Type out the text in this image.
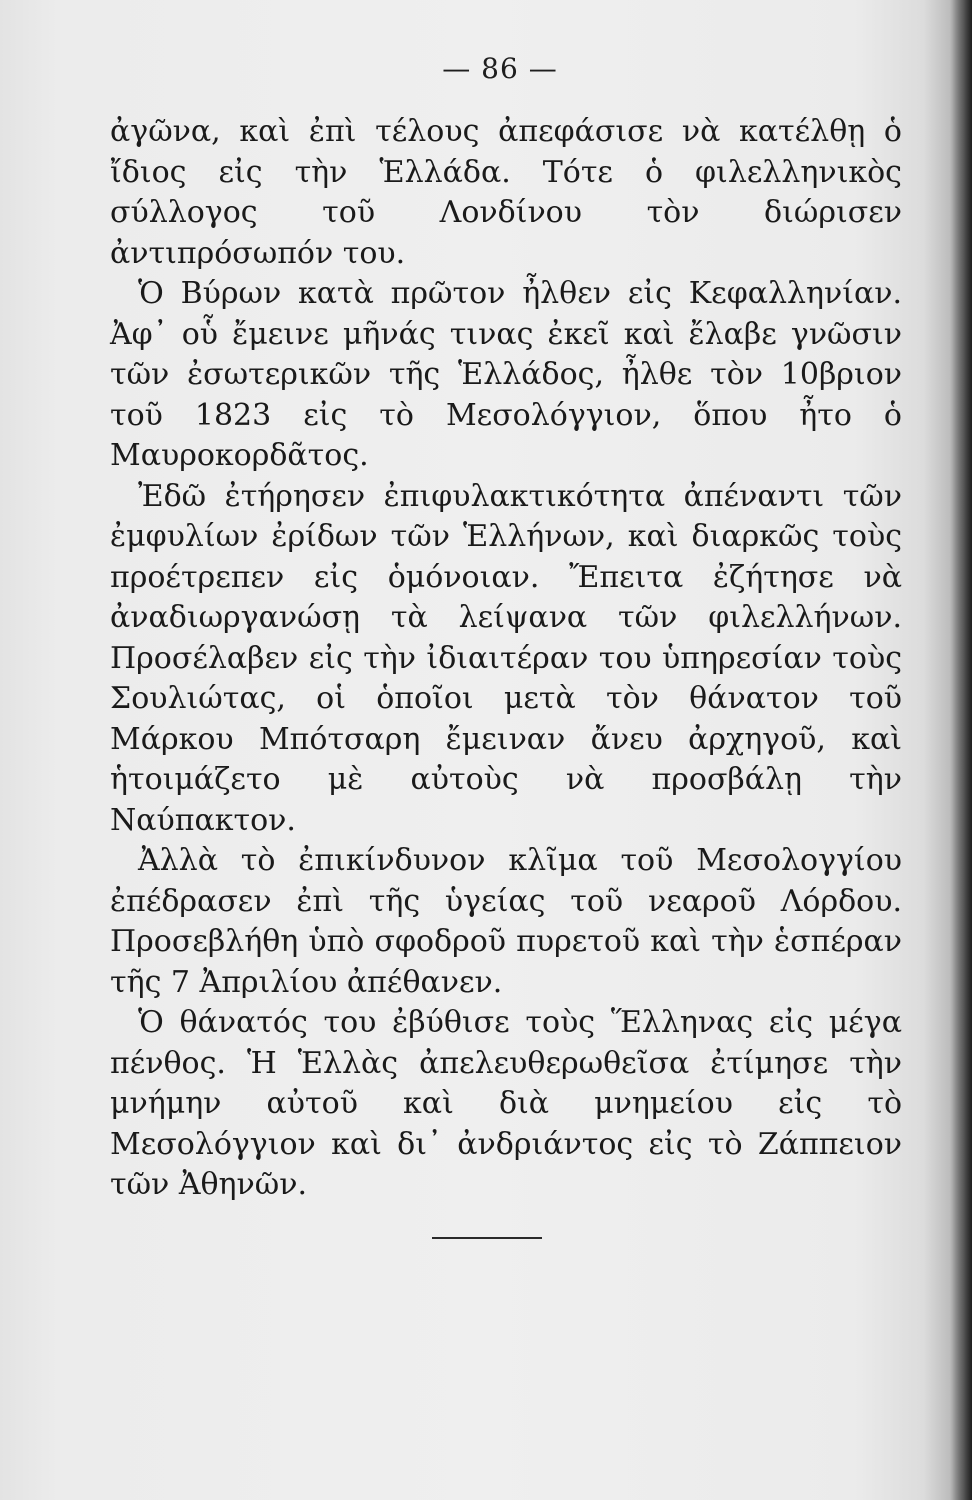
— 86 —

ἀγῶνα, καὶ ἐπὶ τέλους ἀπεφάσισε νὰ κατέλθῃ ὁ ἴδιος εἰς τὴν Ἑλλάδα. Τότε ὁ φιλελληνικὸς σύλλογος τοῦ Λονδίνου τὸν διώρισεν ἀντιπρόσωπόν του.

Ὁ Βύρων κατὰ πρῶτον ἦλθεν εἰς Κεφαλληνίαν. Ἀφ᾽ οὗ ἔμεινε μῆνάς τινας ἐκεῖ καὶ ἔλαβε γνῶσιν τῶν ἐσωτερικῶν τῆς Ἑλλάδος, ἦλθε τὸν 10βριον τοῦ 1823 εἰς τὸ Μεσολόγγιον, ὅπου ἦτο ὁ Μαυροκορδᾶτος.

Ἐδῶ ἐτήρησεν ἐπιφυλακτικότητα ἀπέναντι τῶν ἐμφυλίων ἐρίδων τῶν Ἑλλήνων, καὶ διαρκῶς τοὺς προέτρεπεν εἰς ὁμόνοιαν. Ἔπειτα ἐζήτησε νὰ ἀναδιωργανώσῃ τὰ λείψανα τῶν φιλελλήνων. Προσέλαβεν εἰς τὴν ἰδιαιτέραν του ὑπηρεσίαν τοὺς Σουλιώτας, οἱ ὁποῖοι μετὰ τὸν θάνατον τοῦ Μάρκου Μπότσαρη ἔμειναν ἄνευ ἀρχηγοῦ, καὶ ἡτοιμάζετο μὲ αὐτοὺς νὰ προσβάλῃ τὴν Ναύπακτον.

Ἀλλὰ τὸ ἐπικίνδυνον κλῖμα τοῦ Μεσολογγίου ἐπέδρασεν ἐπὶ τῆς ὑγείας τοῦ νεαροῦ Λόρδου. Προσεβλήθη ὑπὸ σφοδροῦ πυρετοῦ καὶ τὴν ἑσπέραν τῆς 7 Ἀπριλίου ἀπέθανεν.

Ὁ θάνατός του ἐβύθισε τοὺς Ἕλληνας εἰς μέγα πένθος. Ἡ Ἑλλὰς ἀπελευθερωθεῖσα ἐτίμησε τὴν μνήμην αὐτοῦ καὶ διὰ μνημείου εἰς τὸ Μεσολόγγιον καὶ δι᾽ ἀνδριάντος εἰς τὸ Ζάππειον τῶν Ἀθηνῶν.
